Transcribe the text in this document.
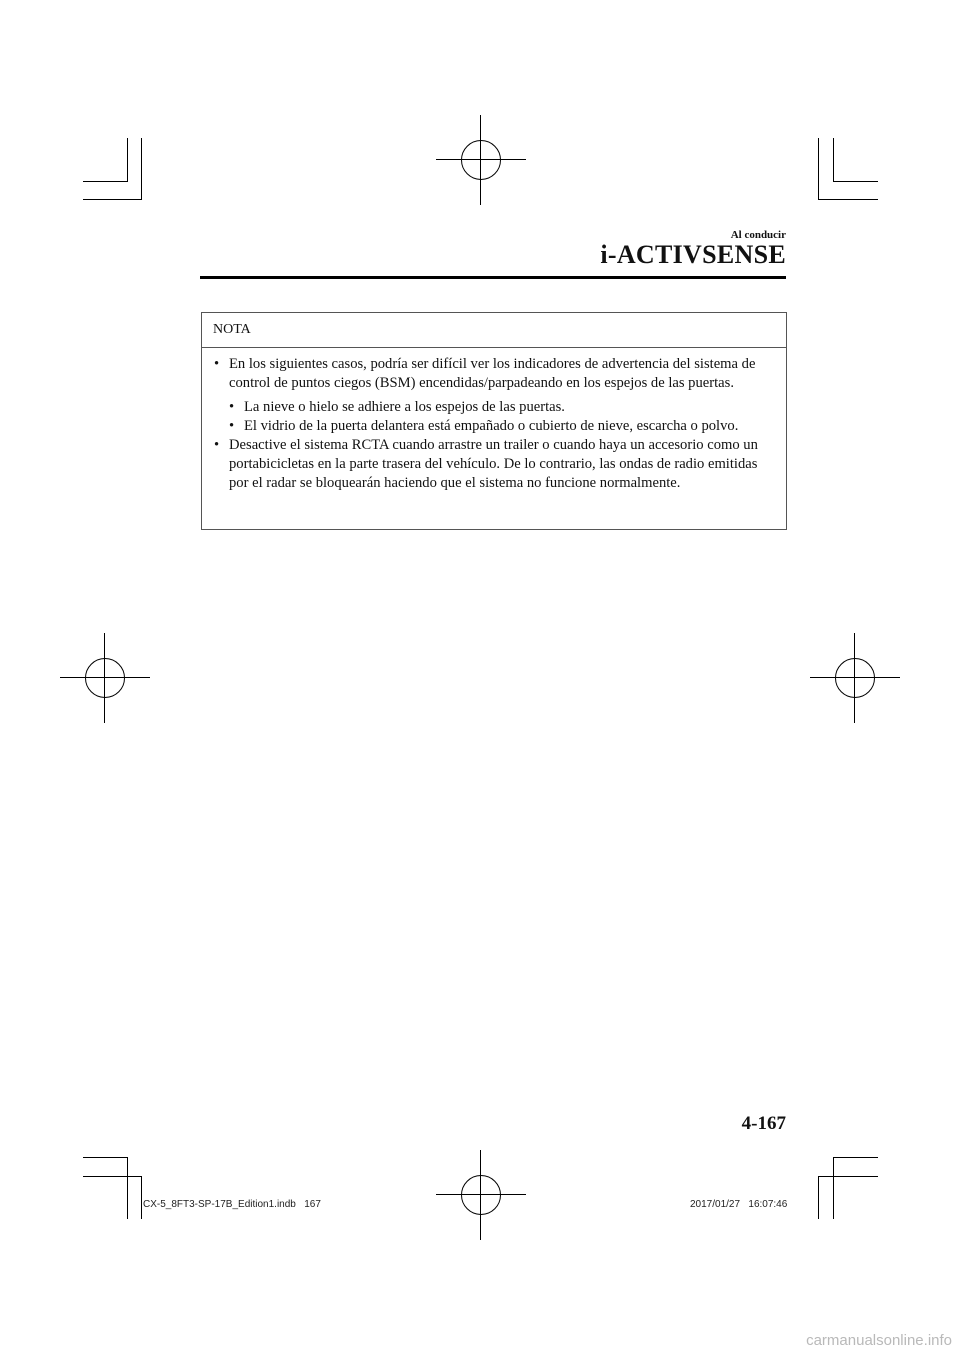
Al conducir
i-ACTIVSENSE
NOTA
• En los siguientes casos, podría ser difícil ver los indicadores de advertencia del sistema de control de puntos ciegos (BSM) encendidas/parpadeando en los espejos de las puertas.
• La nieve o hielo se adhiere a los espejos de las puertas.
• El vidrio de la puerta delantera está empañado o cubierto de nieve, escarcha o polvo.
• Desactive el sistema RCTA cuando arrastre un trailer o cuando haya un accesorio como un portabicicletas en la parte trasera del vehículo. De lo contrario, las ondas de radio emitidas por el radar se bloquearán haciendo que el sistema no funcione normalmente.
4-167
CX-5_8FT3-SP-17B_Edition1.indb   167	2017/01/27   16:07:46
carmanualsonline.info
